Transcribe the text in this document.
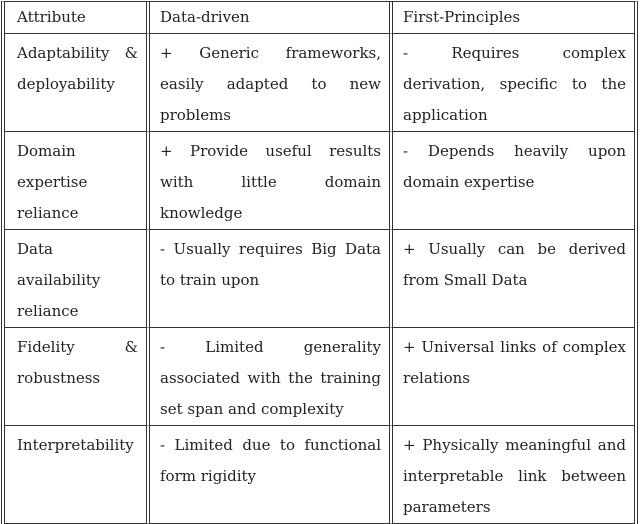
Attribute	Data-driven	First-Principles
Adaptability & deployability	+ Generic frameworks, easily adapted to new problems	- Requires complex derivation, specific to the application
Domain expertise reliance	+ Provide useful results with little domain knowledge	- Depends heavily upon domain expertise
Data availability reliance	- Usually requires Big Data to train upon	+ Usually can be derived from Small Data
Fidelity & robustness	- Limited generality associated with the training set span and complexity	+ Universal links of complex relations
Interpretability	- Limited due to functional form rigidity	+ Physically meaningful and interpretable link between parameters
